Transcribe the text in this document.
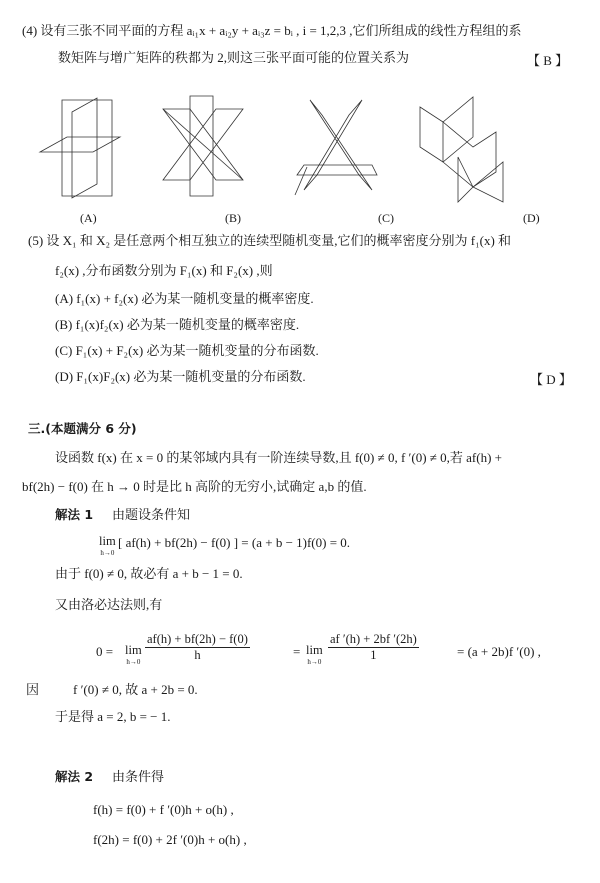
(4) 设有三张不同平面的方程 aᵢ₁x + aᵢ₂y + aᵢ₃z = bᵢ , i = 1,2,3 ,它们所组成的线性方程组的系
数矩阵与增广矩阵的秩都为 2,则这三张平面可能的位置关系为	【 B 】
(A)	(B)	(C)	(D)
(5) 设 X₁ 和 X₂ 是任意两个相互独立的连续型随机变量,它们的概率密度分别为 f₁(x) 和
f₂(x) ,分布函数分别为 F₁(x) 和 F₂(x) ,则
(A) f₁(x) + f₂(x) 必为某一随机变量的概率密度.
(B) f₁(x)f₂(x) 必为某一随机变量的概率密度.
(C) F₁(x) + F₂(x) 必为某一随机变量的分布函数.
(D) F₁(x)F₂(x) 必为某一随机变量的分布函数.	【 D 】
三.(本题满分 6 分)
设函数 f(x) 在 x = 0 的某邻域内具有一阶连续导数,且 f(0) ≠ 0, f ′(0) ≠ 0,若 af(h) +
bf(2h) − f(0) 在 h → 0 时是比 h 高阶的无穷小,试确定 a,b 的值.
解法 1 由题设条件知
lim
h→0
[ af(h) + bf(2h) − f(0) ] = (a + b − 1)f(0) = 0.
由于 f(0) ≠ 0, 故必有 a + b − 1 = 0.
又由洛必达法则,有
0 = lim
$h\to 0 \frac{af(h) + bf(2h) - f(0)}{h}$	= lim
$h\to 0 \frac{af '(h) + 2bf '(2h)}{1}$	= (a + 2b)f ′(0) ,
因	f ′(0) ≠ 0, 故 a + 2b = 0.
于是得 a = 2, b = − 1.
解法 2 由条件得
f(h) = f(0) + f ′(0)h + o(h) ,
f(2h) = f(0) + 2f ′(0)h + o(h) ,
